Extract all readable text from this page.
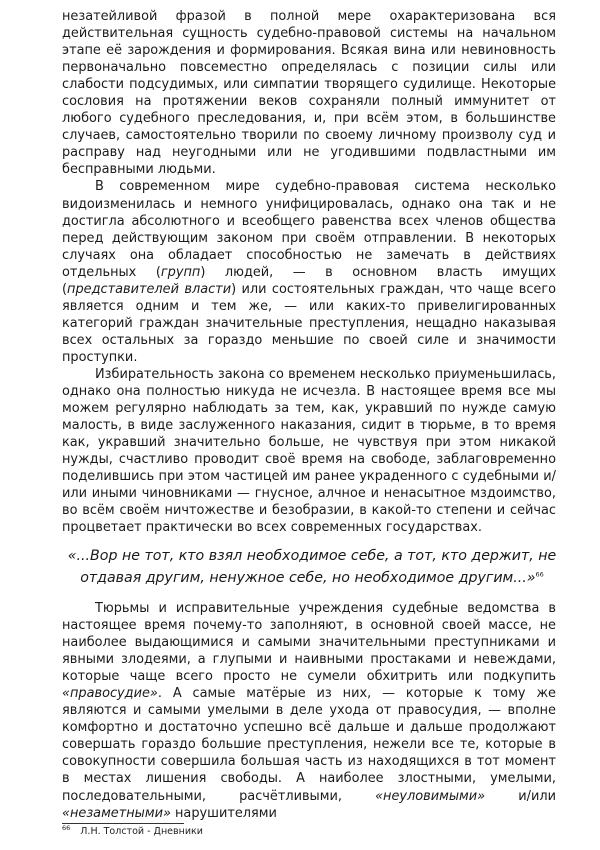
незатейливой фразой в полной мере охарактеризована вся действительная сущность судебно-правовой системы на начальном этапе её зарождения и формирования. Всякая вина или невиновность первоначально повсеместно определялась с позиции силы или слабости подсудимых, или симпатии творящего судилище. Некоторые сословия на протяжении веков сохраняли полный иммунитет от любого судебного преследования, и, при всём этом, в большинстве случаев, самостоятельно творили по своему личному произволу суд и расправу над неугодными или не угодившими подвластными им бесправными людьми.

В современном мире судебно-правовая система несколько видоизменилась и немного унифицировалась, однако она так и не достигла абсолютного и всеобщего равенства всех членов общества перед действующим законом при своём отправлении. В некоторых случаях она обладает способностью не замечать в действиях отдельных (групп) людей, — в основном власть имущих (представителей власти) или состоятельных граждан, что чаще всего является одним и тем же, — или каких-то привелигированных категорий граждан значительные преступления, нещадно наказывая всех остальных за гораздо меньшие по своей силе и значимости проступки.

Избирательность закона со временем несколько приуменьшилась, однако она полностью никуда не исчезла. В настоящее время все мы можем регулярно наблюдать за тем, как, укравший по нужде самую малость, в виде заслуженного наказания, сидит в тюрьме, в то время как, укравший значительно больше, не чувствуя при этом никакой нужды, счастливо проводит своё время на свободе, заблаговременно поделившись при этом частицей им ранее украденного с судебными и/или иными чиновниками — гнусное, алчное и ненасытное мздоимство, во всём своём ничтожестве и безобразии, в какой-то степени и сейчас процветает практически во всех современных государствах.

«...Вор не тот, кто взял необходимое себе, а тот, кто держит, не отдавая другим, ненужное себе, но необходимое другим...»$^{66}$

Тюрьмы и исправительные учреждения судебные ведомства в настоящее время почему-то заполняют, в основной своей массе, не наиболее выдающимися и самыми значительными преступниками и явными злодеями, а глупыми и наивными простаками и невеждами, которые чаще всего просто не сумели обхитрить или подкупить «правосудие». А самые матёрые из них, — которые к тому же являются и самыми умелыми в деле ухода от правосудия, — вполне комфортно и достаточно успешно всё дальше и дальше продолжают совершать гораздо большие преступления, нежели все те, которые в совокупности совершила большая часть из находящихся в тот момент в местах лишения свободы. А наиболее злостными, умелыми, последовательными, расчётливыми, «неуловимыми» и/или «незаметными» нарушителями

$^{66}$ Л.Н. Толстой - Дневники
